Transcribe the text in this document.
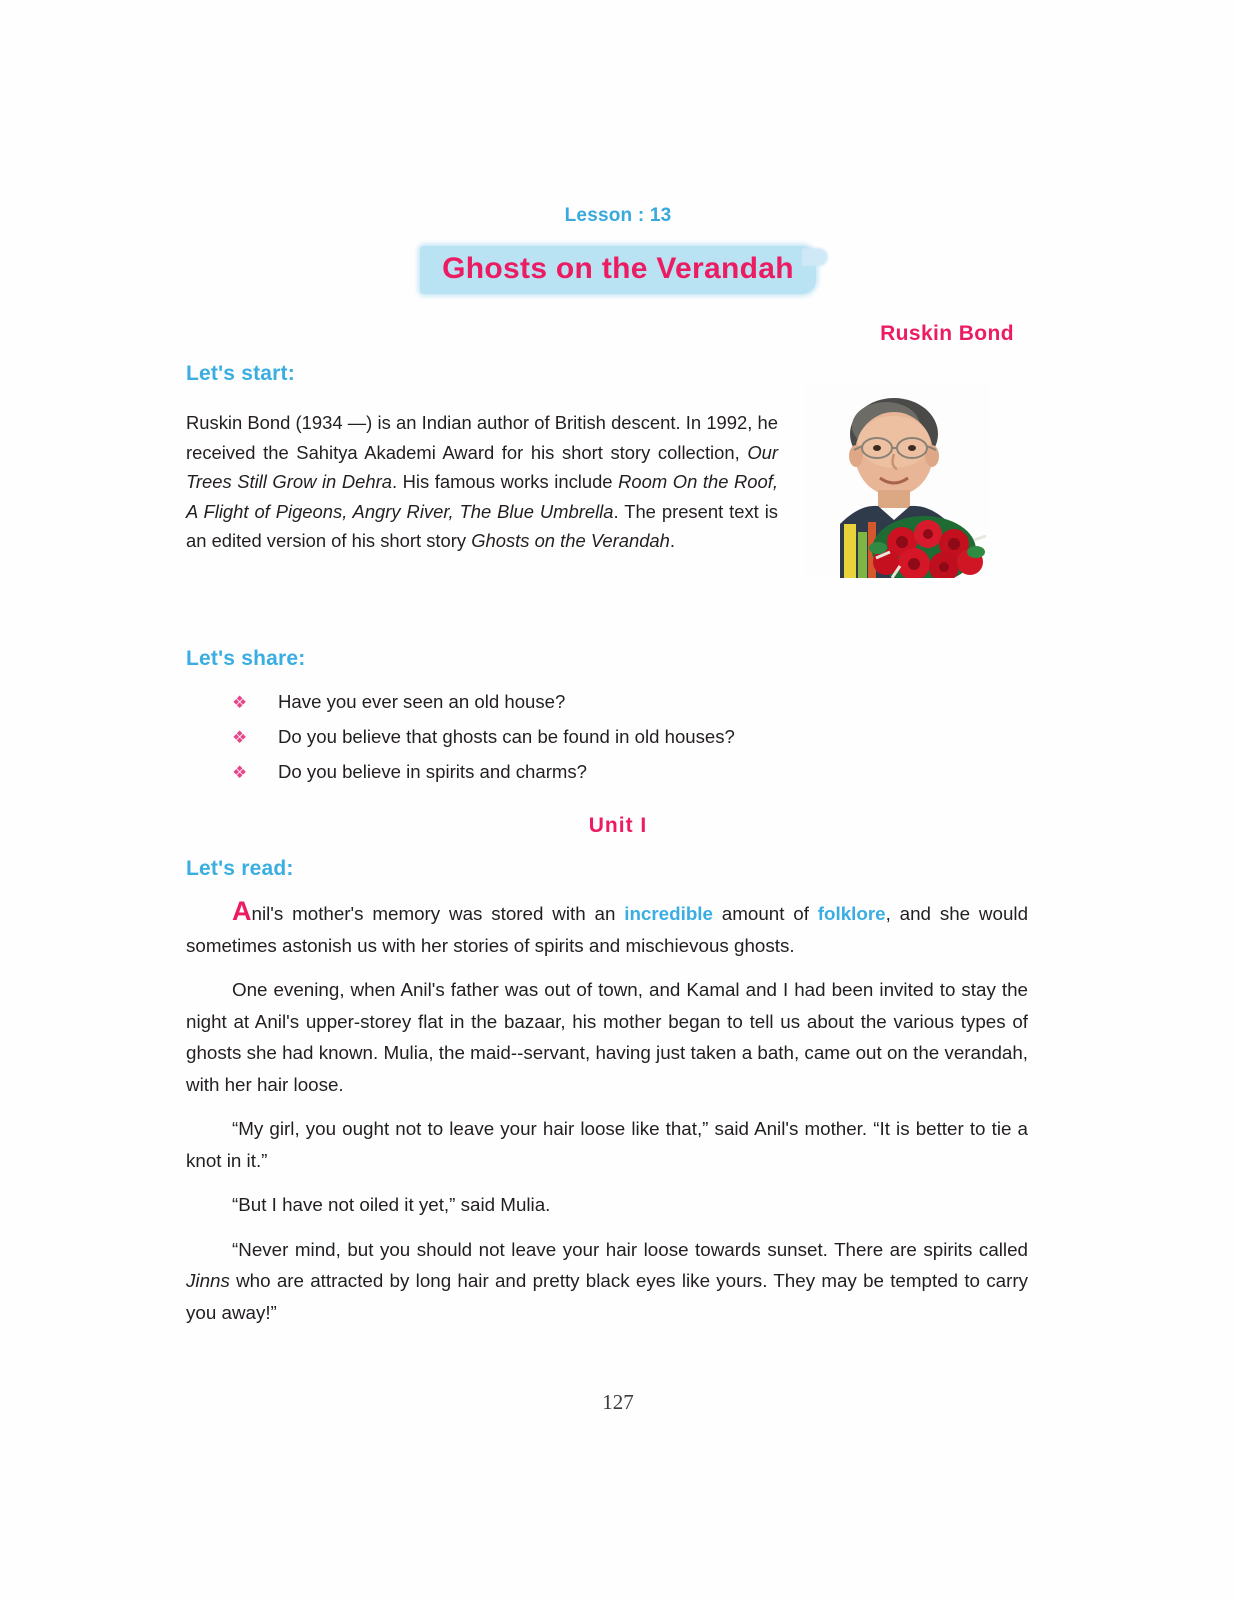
Lesson : 13
Ghosts on the Verandah
Ruskin Bond
Let's start:
Ruskin Bond (1934 —) is an Indian author of British descent. In 1992, he received the Sahitya Akademi Award for his short story collection, Our Trees Still Grow in Dehra. His famous works include Room On the Roof, A Flight of Pigeons, Angry River, The Blue Umbrella. The present text is an edited version of his short story Ghosts on the Verandah.
Let's share:
❖	Have you ever seen an old house?
❖	Do you believe that ghosts can be found in old houses?
❖	Do you believe in spirits and charms?
Unit I
Let's read:

Anil's mother's memory was stored with an incredible amount of folklore, and she would sometimes astonish us with her stories of spirits and mischievous ghosts.

One evening, when Anil's father was out of town, and Kamal and I had been invited to stay the night at Anil's upper-storey flat in the bazaar, his mother began to tell us about the various types of ghosts she had known. Mulia, the maid--servant, having just taken a bath, came out on the verandah, with her hair loose.

“My girl, you ought not to leave your hair loose like that,” said Anil's mother. “It is better to tie a knot in it.”

“But I have not oiled it yet,” said Mulia.

“Never mind, but you should not leave your hair loose towards sunset. There are spirits called Jinns who are attracted by long hair and pretty black eyes like yours. They may be tempted to carry you away!”

127
